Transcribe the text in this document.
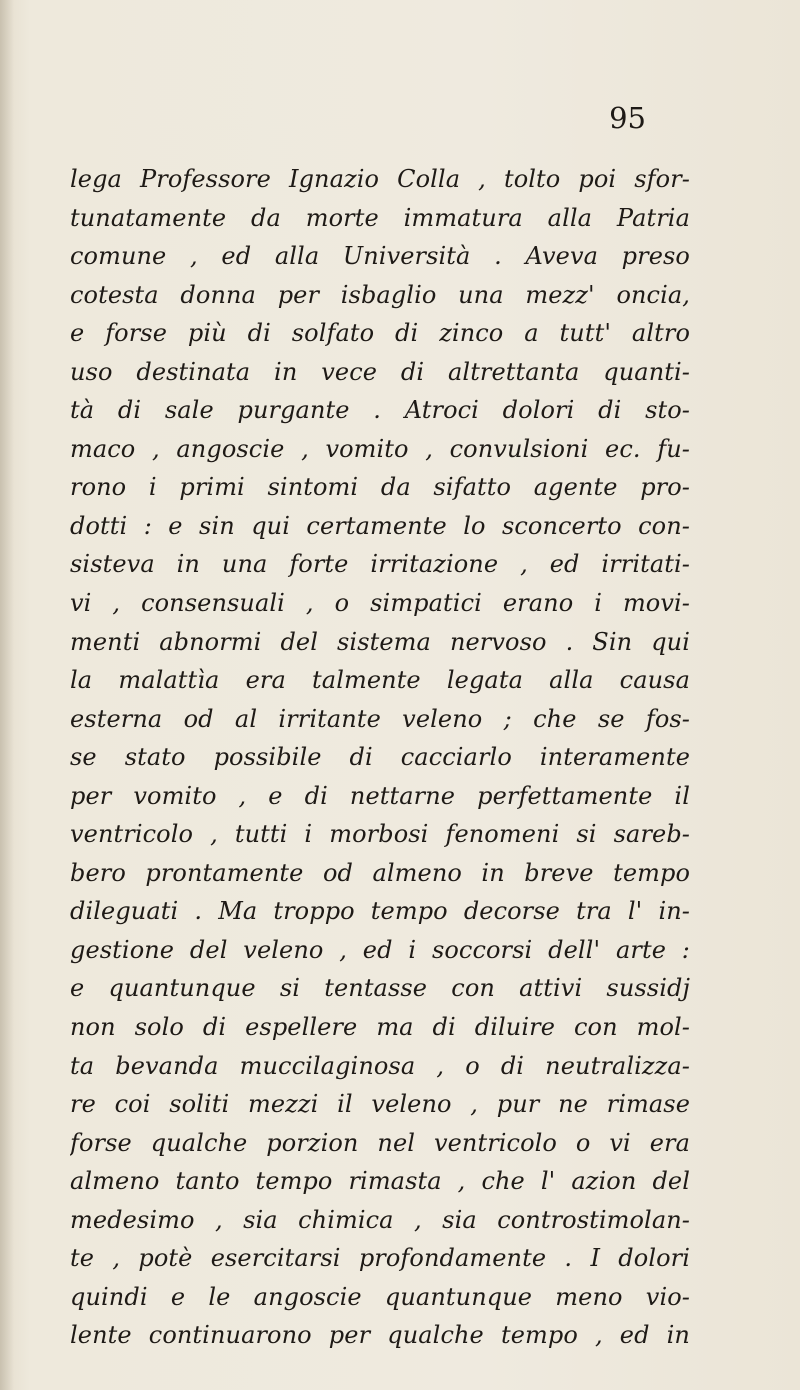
95
lega Professore Ignazio Colla , tolto poi sfor-
tunatamente da morte immatura alla Patria
comune , ed alla Università . Aveva preso
cotesta donna per isbaglio una mezz' oncia,
e forse più di solfato di zinco a tutt' altro
uso destinata in vece di altrettanta quanti-
tà di sale purgante . Atroci dolori di sto-
maco , angoscie , vomito , convulsioni ec. fu-
rono i primi sintomi da sifatto agente pro-
dotti : e sin qui certamente lo sconcerto con-
sisteva in una forte irritazione , ed irritati-
vi , consensuali , o simpatici erano i movi-
menti abnormi del sistema nervoso . Sin qui
la malattìa era talmente legata alla causa
esterna od al irritante veleno ; che se fos-
se stato possibile di cacciarlo interamente
per vomito , e di nettarne perfettamente il
ventricolo , tutti i morbosi fenomeni si sareb-
bero prontamente od almeno in breve tempo
dileguati . Ma troppo tempo decorse tra l' in-
gestione del veleno , ed i soccorsi dell' arte :
e quantunque si tentasse con attivi sussidj
non solo di espellere ma di diluire con mol-
ta bevanda muccilaginosa , o di neutralizza-
re coi soliti mezzi il veleno , pur ne rimase
forse qualche porzion nel ventricolo o vi era
almeno tanto tempo rimasta , che l' azion del
medesimo , sia chimica , sia controstimolan-
te , potè esercitarsi profondamente . I dolori
quindi e le angoscie quantunque meno vio-
lente continuarono per qualche tempo , ed in
